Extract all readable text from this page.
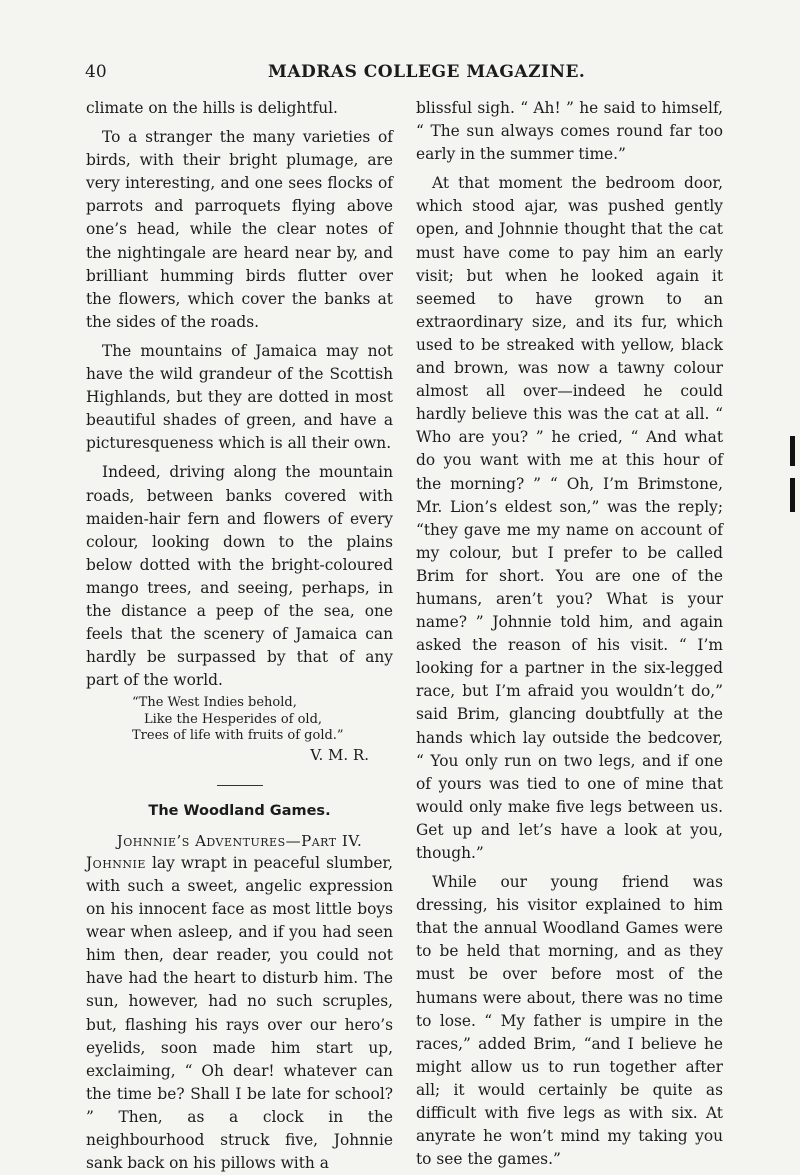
40	MADRAS COLLEGE MAGAZINE.

climate on the hills is delightful.

To a stranger the many varieties of birds, with their bright plumage, are very interesting, and one sees flocks of parrots and parroquets flying above one’s head, while the clear notes of the nightingale are heard near by, and brilliant humming birds flutter over the flowers, which cover the banks at the sides of the roads.

The mountains of Jamaica may not have the wild grandeur of the Scottish Highlands, but they are dotted in most beautiful shades of green, and have a picturesqueness which is all their own.

Indeed, driving along the mountain roads, between banks covered with maiden-hair fern and flowers of every colour, looking down to the plains below dotted with the bright-coloured mango trees, and seeing, perhaps, in the distance a peep of the sea, one feels that the scenery of Jamaica can hardly be surpassed by that of any part of the world.

“The West Indies behold,
Like the Hesperides of old,
Trees of life with fruits of gold.”
V. M. R.
The Woodland Games.
Johnnie’s Adventures—Part IV.

Johnnie lay wrapt in peaceful slumber, with such a sweet, angelic expression on his innocent face as most little boys wear when asleep, and if you had seen him then, dear reader, you could not have had the heart to disturb him. The sun, however, had no such scruples, but, flashing his rays over our hero’s eyelids, soon made him start up, exclaiming, “ Oh dear! whatever can the time be? Shall I be late for school? ” Then, as a clock in the neighbourhood struck five, Johnnie sank back on his pillows with a

blissful sigh. “ Ah! ” he said to himself, “ The sun always comes round far too early in the summer time.”

At that moment the bedroom door, which stood ajar, was pushed gently open, and Johnnie thought that the cat must have come to pay him an early visit; but when he looked again it seemed to have grown to an extraordinary size, and its fur, which used to be streaked with yellow, black and brown, was now a tawny colour almost all over—indeed he could hardly believe this was the cat at all. “ Who are you? ” he cried, “ And what do you want with me at this hour of the morning? ” “ Oh, I’m Brimstone, Mr. Lion’s eldest son,” was the reply; “they gave me my name on account of my colour, but I prefer to be called Brim for short. You are one of the humans, aren’t you? What is your name? ” Johnnie told him, and again asked the reason of his visit. “ I’m looking for a partner in the six-legged race, but I’m afraid you wouldn’t do,” said Brim, glancing doubtfully at the hands which lay outside the bedcover, “ You only run on two legs, and if one of yours was tied to one of mine that would only make five legs between us. Get up and let’s have a look at you, though.”

While our young friend was dressing, his visitor explained to him that the annual Woodland Games were to be held that morning, and as they must be over before most of the humans were about, there was no time to lose. “ My father is umpire in the races,” added Brim, “and I believe he might allow us to run together after all; it would certainly be quite as difficult with five legs as with six. At anyrate he won’t mind my taking you to see the games.”
